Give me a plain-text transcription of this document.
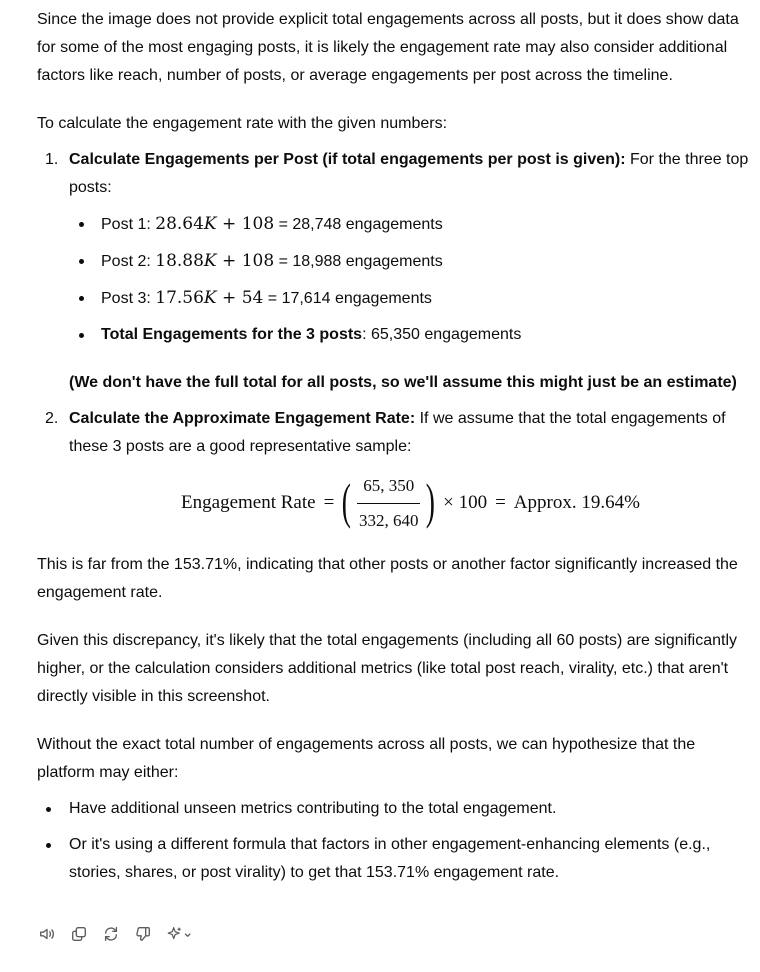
Since the image does not provide explicit total engagements across all posts, but it does show data for some of the most engaging posts, it is likely the engagement rate may also consider additional factors like reach, number of posts, or average engagements per post across the timeline.

To calculate the engagement rate with the given numbers:

1. Calculate Engagements per Post (if total engagements per post is given): For the three top posts:
Post 1: 28.64K + 108 = 28,748 engagements
Post 2: 18.88K + 108 = 18,988 engagements
Post 3: 17.56K + 54 = 17,614 engagements
Total Engagements for the 3 posts: 65,350 engagements

(We don't have the full total for all posts, so we'll assume this might just be an estimate)

2. Calculate the Approximate Engagement Rate: If we assume that the total engagements of these 3 posts are a good representative sample:
Engagement Rate = ( $\frac{65, 350}{332, 640}$ ) × 100 = Approx. 19.64%

This is far from the 153.71%, indicating that other posts or another factor significantly increased the engagement rate.

Given this discrepancy, it's likely that the total engagements (including all 60 posts) are significantly higher, or the calculation considers additional metrics (like total post reach, virality, etc.) that aren't directly visible in this screenshot.

Without the exact total number of engagements across all posts, we can hypothesize that the platform may either:

Have additional unseen metrics contributing to the total engagement.
Or it's using a different formula that factors in other engagement-enhancing elements (e.g., stories, shares, or post virality) to get that 153.71% engagement rate.
